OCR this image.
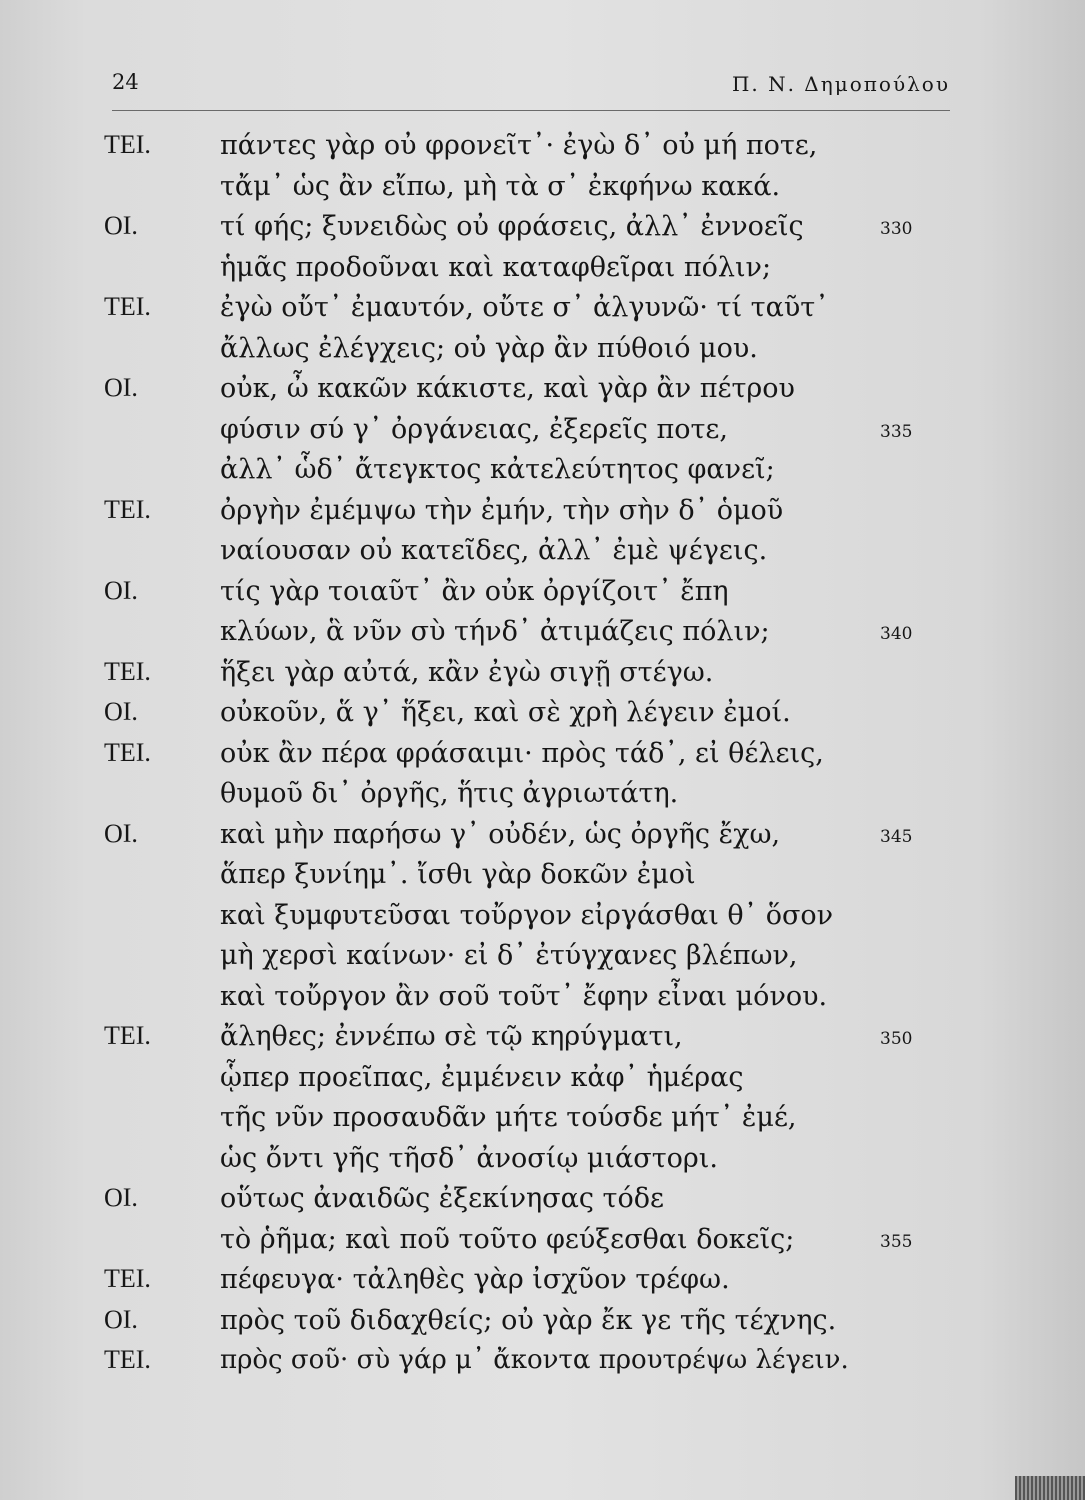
24	Π. Ν. Δημοπούλου
ΤΕΙ.	πάντες γὰρ οὐ φρονεῖτ᾽· ἐγὼ δ᾽ οὐ μή ποτε,
τἄμ᾽ ὡς ἂν εἴπω, μὴ τὰ σ᾽ ἐκφήνω κακά.
ΟΙ.	τί φής; ξυνειδὼς οὐ φράσεις, ἀλλ᾽ ἐννοεῖς	330
ἡμᾶς προδοῦναι καὶ καταφθεῖραι πόλιν;
ΤΕΙ.	ἐγὼ οὔτ᾽ ἐμαυτόν, οὔτε σ᾽ ἀλγυνῶ· τί ταῦτ᾽
ἄλλως ἐλέγχεις; οὐ γὰρ ἂν πύθοιό μου.
ΟΙ.	οὐκ, ὦ κακῶν κάκιστε, καὶ γὰρ ἂν πέτρου
φύσιν σύ γ᾽ ὀργάνειας, ἐξερεῖς ποτε,	335
ἀλλ᾽ ὧδ᾽ ἄτεγκτος κἀτελεύτητος φανεῖ;
ΤΕΙ.	ὀργὴν ἐμέμψω τὴν ἐμήν, τὴν σὴν δ᾽ ὁμοῦ
ναίουσαν οὐ κατεῖδες, ἀλλ᾽ ἐμὲ ψέγεις.
ΟΙ.	τίς γὰρ τοιαῦτ᾽ ἂν οὐκ ὀργίζοιτ᾽ ἔπη
κλύων, ἃ νῦν σὺ τήνδ᾽ ἀτιμάζεις πόλιν;	340
ΤΕΙ.	ἥξει γὰρ αὐτά, κἂν ἐγὼ σιγῇ στέγω.
ΟΙ.	οὐκοῦν, ἅ γ᾽ ἥξει, καὶ σὲ χρὴ λέγειν ἐμοί.
ΤΕΙ.	οὐκ ἂν πέρα φράσαιμι· πρὸς τάδ᾽, εἰ θέλεις,
θυμοῦ δι᾽ ὀργῆς, ἥτις ἀγριωτάτη.
ΟΙ.	καὶ μὴν παρήσω γ᾽ οὐδέν, ὡς ὀργῆς ἔχω,	345
ἅπερ ξυνίημ᾽. ἴσθι γὰρ δοκῶν ἐμοὶ
καὶ ξυμφυτεῦσαι τοὔργον εἰργάσθαι θ᾽ ὅσον
μὴ χερσὶ καίνων· εἰ δ᾽ ἐτύγχανες βλέπων,
καὶ τοὔργον ἂν σοῦ τοῦτ᾽ ἔφην εἶναι μόνου.
ΤΕΙ.	ἄληθες; ἐννέπω σὲ τῷ κηρύγματι,	350
ᾧπερ προεῖπας, ἐμμένειν κἀφ᾽ ἡμέρας
τῆς νῦν προσαυδᾶν μήτε τούσδε μήτ᾽ ἐμέ,
ὡς ὄντι γῆς τῆσδ᾽ ἀνοσίῳ μιάστορι.
ΟΙ.	οὕτως ἀναιδῶς ἐξεκίνησας τόδε
τὸ ῥῆμα; καὶ ποῦ τοῦτο φεύξεσθαι δοκεῖς;	355
ΤΕΙ.	πέφευγα· τἀληθὲς γὰρ ἰσχῦον τρέφω.
ΟΙ.	πρὸς τοῦ διδαχθείς; οὐ γὰρ ἔκ γε τῆς τέχνης.
ΤΕΙ.	πρὸς σοῦ· σὺ γάρ μ᾽ ἄκοντα προυτρέψω λέγειν.
